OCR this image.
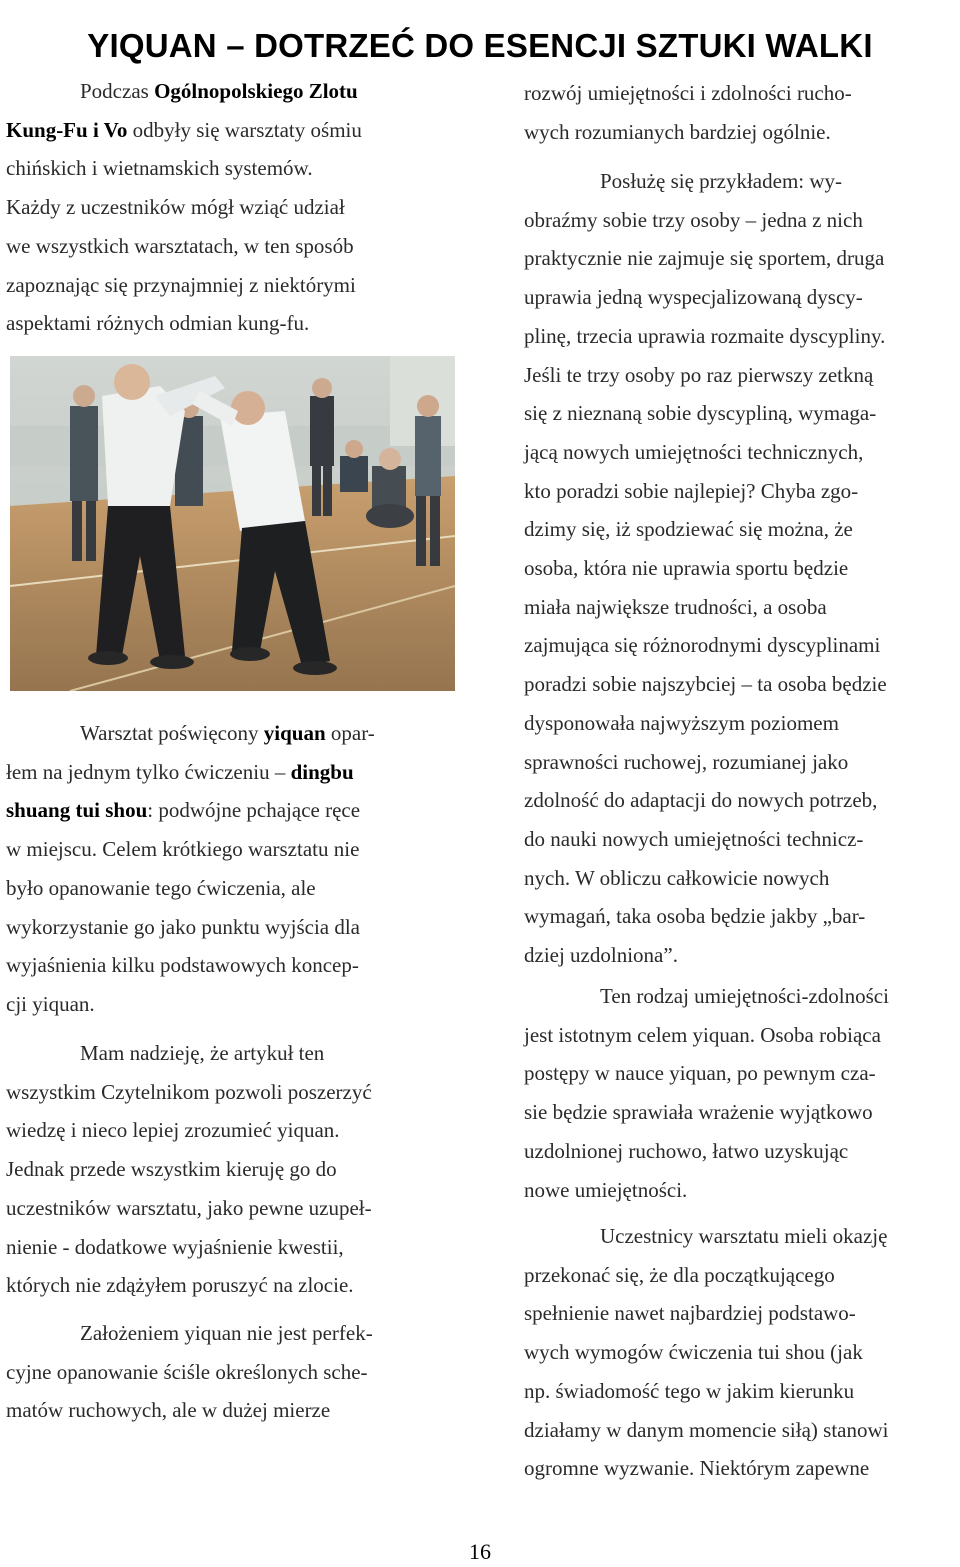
YIQUAN – DOTRZEĆ DO ESENCJI SZTUKI WALKI
Podczas Ogólnopolskiego Zlotu
Kung-Fu i Vo odbyły się warsztaty ośmiu
chińskich i wietnamskich systemów.
Każdy z uczestników mógł wziąć udział
we wszystkich warsztatach, w ten sposób
zapoznając się przynajmniej z niektórymi
aspektami różnych odmian kung-fu.
Warsztat poświęcony yiquan opar-
łem na jednym tylko ćwiczeniu – dingbu
shuang tui shou: podwójne pchające ręce
w miejscu. Celem krótkiego warsztatu nie
było opanowanie tego ćwiczenia, ale
wykorzystanie go jako punktu wyjścia dla
wyjaśnienia kilku podstawowych koncep-
cji yiquan.
Mam nadzieję, że artykuł ten
wszystkim Czytelnikom pozwoli poszerzyć
wiedzę i nieco lepiej zrozumieć yiquan.
Jednak przede wszystkim kieruję go do
uczestników warsztatu, jako pewne uzupeł-
nienie - dodatkowe wyjaśnienie kwestii,
których nie zdążyłem poruszyć na zlocie.
Założeniem yiquan nie jest perfek-
cyjne opanowanie ściśle określonych sche-
matów ruchowych, ale w dużej mierze
rozwój umiejętności i zdolności rucho-
wych rozumianych bardziej ogólnie.
Posłużę się przykładem: wy-
obraźmy sobie trzy osoby – jedna z nich
praktycznie nie zajmuje się sportem, druga
uprawia jedną wyspecjalizowaną dyscy-
plinę, trzecia uprawia rozmaite dyscypliny.
Jeśli te trzy osoby po raz pierwszy zetkną
się z nieznaną sobie dyscypliną, wymaga-
jącą nowych umiejętności technicznych,
kto poradzi sobie najlepiej? Chyba zgo-
dzimy się, iż spodziewać się można, że
osoba, która nie uprawia sportu będzie
miała największe trudności, a osoba
zajmująca się różnorodnymi dyscyplinami
poradzi sobie najszybciej – ta osoba będzie
dysponowała najwyższym poziomem
sprawności ruchowej, rozumianej jako
zdolność do adaptacji do nowych potrzeb,
do nauki nowych umiejętności technicz-
nych. W obliczu całkowicie nowych
wymagań, taka osoba będzie jakby „bar-
dziej uzdolniona”.
Ten rodzaj umiejętności-zdolności
jest istotnym celem yiquan. Osoba robiąca
postępy w nauce yiquan, po pewnym cza-
sie będzie sprawiała wrażenie wyjątkowo
uzdolnionej ruchowo, łatwo uzyskując
nowe umiejętności.
Uczestnicy warsztatu mieli okazję
przekonać się, że dla początkującego
spełnienie nawet najbardziej podstawo-
wych wymogów ćwiczenia tui shou (jak
np. świadomość tego w jakim kierunku
działamy w danym momencie siłą) stanowi
ogromne wyzwanie. Niektórym zapewne
16
